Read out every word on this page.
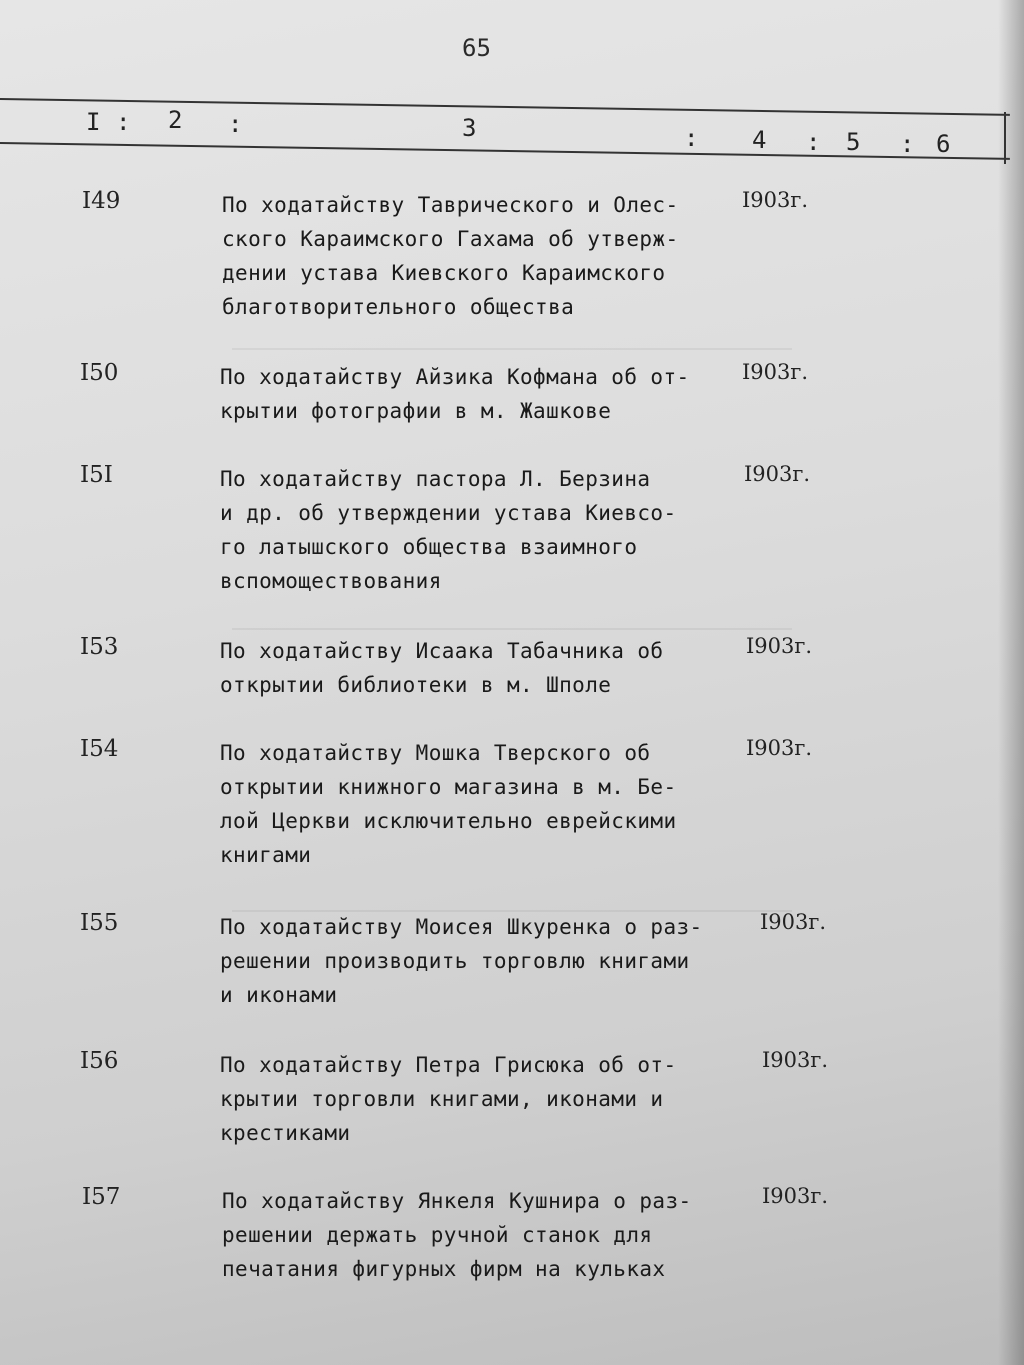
65
I : 2 :	3	: 4 : 5 : 6
I49	По ходатайству Таврического и Олес-
ского Караимского Гахама об утверж-
дении устава Киевского Караимского
благотворительного общества
I903г.
I50	По ходатайству Айзика Кофмана об от-
крытии фотографии в м. Жашкове
I903г.
I5I	По ходатайству пастора Л. Берзина
и др. об утверждении устава Киевсо-
го латышского общества взаимного
вспомоществования
I903г.
I53	По ходатайству Исаака Табачника об
открытии библиотеки в м. Шполе
I903г.
I54	По ходатайству Мошка Тверского об
открытии книжного магазина в м. Бе-
лой Церкви исключительно еврейскими
книгами
I903г.
I55	По ходатайству Моисея Шкуренка о раз-
решении производить торговлю книгами
и иконами
I903г.
I56	По ходатайству Петра Грисюка об от-
крытии торговли книгами, иконами и
крестиками
I903г.
I57	По ходатайству Янкеля Кушнира о раз-
решении держать ручной станок для
печатания фигурных фирм на кульках
I903г.
